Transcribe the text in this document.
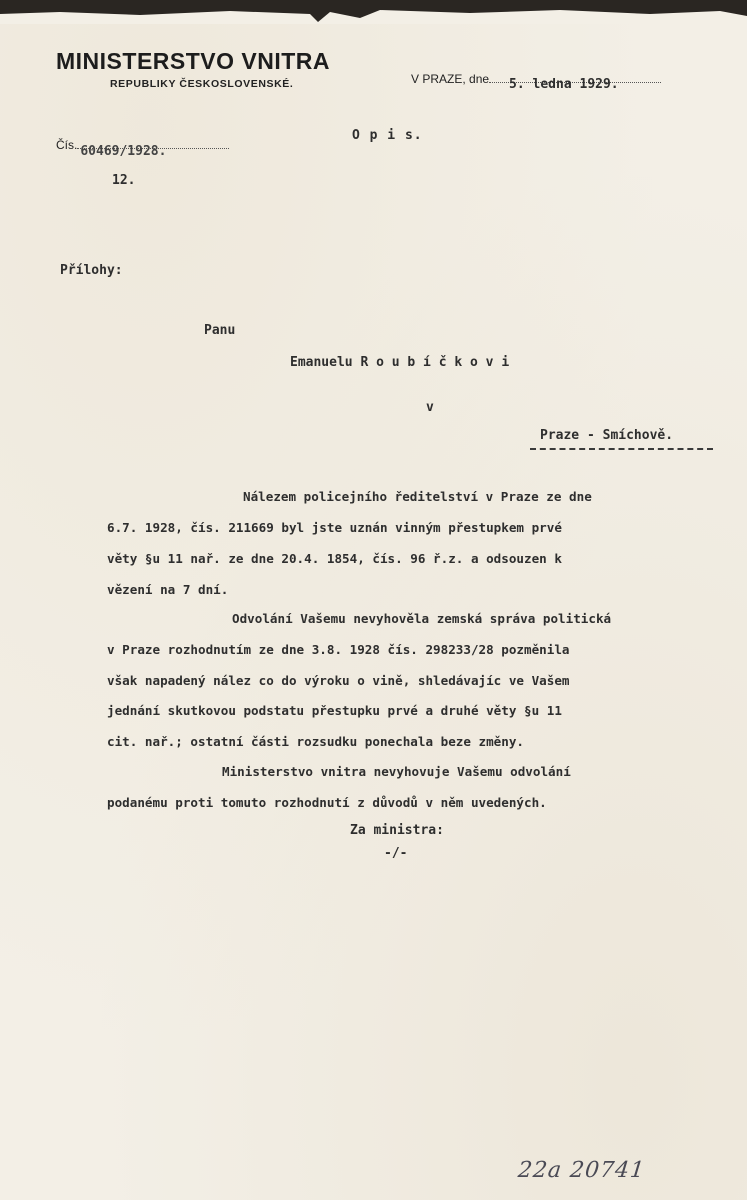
MINISTERSTVO VNITRA
REPUBLIKY ČESKOSLOVENSKÉ.	V PRAZE, dne 5. ledna 1929.
Čís. 60469/1928.
12.
O p i s.
Přílohy:
Panu
Emanuelu R o u b í č k o v i
v
Praze - Smíchově.
Nálezem policejního ředitelství v Praze ze dne
6.7. 1928, čís. 211669 byl jste uznán vinným přestupkem prvé
věty §u 11 nař. ze dne 20.4. 1854, čís. 96 ř.z. a odsouzen k
vězení na 7 dní.
Odvolání Vašemu nevyhověla zemská správa politická
v Praze rozhodnutím ze dne 3.8. 1928 čís. 298233/28 pozměnila
však napadený nález co do výroku o vině, shledávajíc ve Vašem
jednání skutkovou podstatu přestupku prvé a druhé věty §u 11
cit. nař.; ostatní části rozsudku ponechala beze změny.
Ministerstvo vnitra nevyhovuje Vašemu odvolání
podanému proti tomuto rozhodnutí z důvodů v něm uvedených.
Za ministra:
-/-
22a 20741
